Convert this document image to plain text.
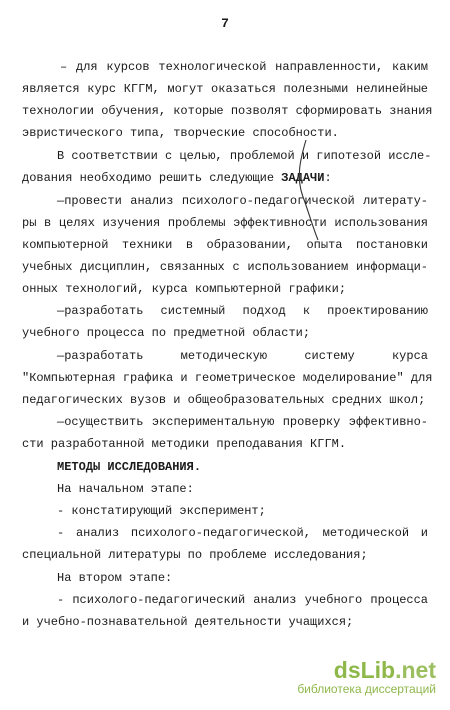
7
– для курсов технологической направленности, каким
является курс КГГМ, могут оказаться полезными нелинейные
технологии обучения, которые позволят сформировать знания
эвристического типа, творческие способности.
В соответствии с целью, проблемой и гипотезой иссле-
дования необходимо решить следующие ЗАДАЧИ:
—провести анализ психолого-педагогической литерату-
ры в целях изучения проблемы эффективности использования
компьютерной техники в образовании, опыта постановки
учебных дисциплин, связанных с использованием информаци-
онных технологий, курса компьютерной графики;
—разработать системный подход к проектированию
учебного процесса по предметной области;
—разработать методическую систему курса
"Компьютерная графика и геометрическое моделирование" для
педагогических вузов и общеобразовательных средних школ;
—осуществить экспериментальную проверку эффективно-
сти разработанной методики преподавания КГГМ.
МЕТОДЫ ИССЛЕДОВАНИЯ.
На начальном этапе:
- констатирующий эксперимент;
- анализ психолого-педагогической, методической и
специальной литературы по проблеме исследования;
На втором этапе:
- психолого-педагогический анализ учебного процесса
и учебно-познавательной деятельности учащихся;
dsLib.net
библиотека диссертаций
